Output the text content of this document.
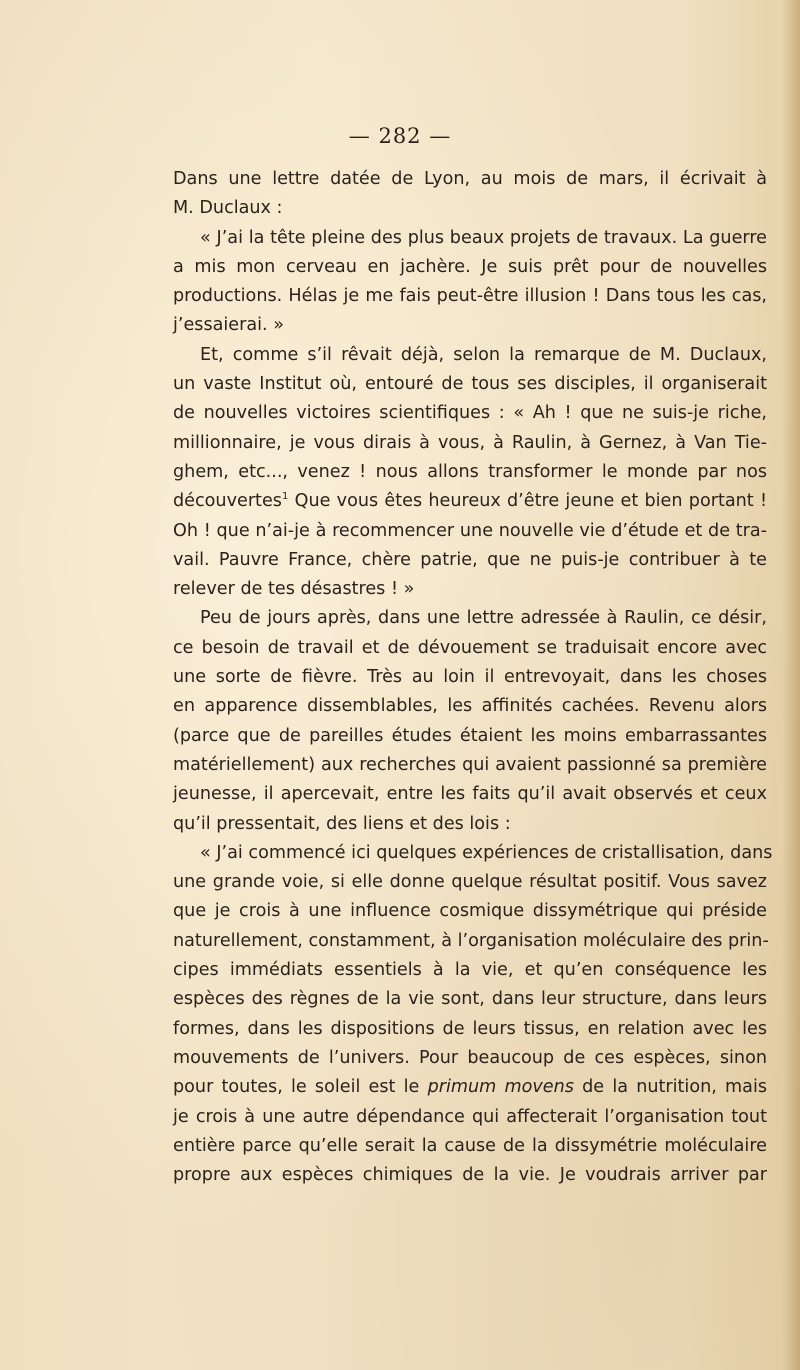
— 282 —
Dans une lettre datée de Lyon, au mois de mars, il écrivait à
M. Duclaux :
« J’ai la tête pleine des plus beaux projets de travaux. La guerre
a mis mon cerveau en jachère. Je suis prêt pour de nouvelles
productions. Hélas je me fais peut-être illusion ! Dans tous les cas,
j’essaierai. »
Et, comme s’il rêvait déjà, selon la remarque de M. Duclaux,
un vaste Institut où, entouré de tous ses disciples, il organiserait
de nouvelles victoires scientifiques : « Ah ! que ne suis-je riche,
millionnaire, je vous dirais à vous, à Raulin, à Gernez, à Van Tie-
ghem, etc..., venez ! nous allons transformer le monde par nos
découvertes$^1$ Que vous êtes heureux d’être jeune et bien portant !
Oh ! que n’ai-je à recommencer une nouvelle vie d’étude et de tra-
vail. Pauvre France, chère patrie, que ne puis-je contribuer à te
relever de tes désastres ! »
Peu de jours après, dans une lettre adressée à Raulin, ce désir,
ce besoin de travail et de dévouement se traduisait encore avec
une sorte de fièvre. Très au loin il entrevoyait, dans les choses
en apparence dissemblables, les affinités cachées. Revenu alors
(parce que de pareilles études étaient les moins embarrassantes
matériellement) aux recherches qui avaient passionné sa première
jeunesse, il apercevait, entre les faits qu’il avait observés et ceux
qu’il pressentait, des liens et des lois :
« J’ai commencé ici quelques expériences de cristallisation, dans
une grande voie, si elle donne quelque résultat positif. Vous savez
que je crois à une influence cosmique dissymétrique qui préside
naturellement, constamment, à l’organisation moléculaire des prin-
cipes immédiats essentiels à la vie, et qu’en conséquence les
espèces des règnes de la vie sont, dans leur structure, dans leurs
formes, dans les dispositions de leurs tissus, en relation avec les
mouvements de l’univers. Pour beaucoup de ces espèces, sinon
pour toutes, le soleil est le primum movens de la nutrition, mais
je crois à une autre dépendance qui affecterait l’organisation tout
entière parce qu’elle serait la cause de la dissymétrie moléculaire
propre aux espèces chimiques de la vie. Je voudrais arriver par
